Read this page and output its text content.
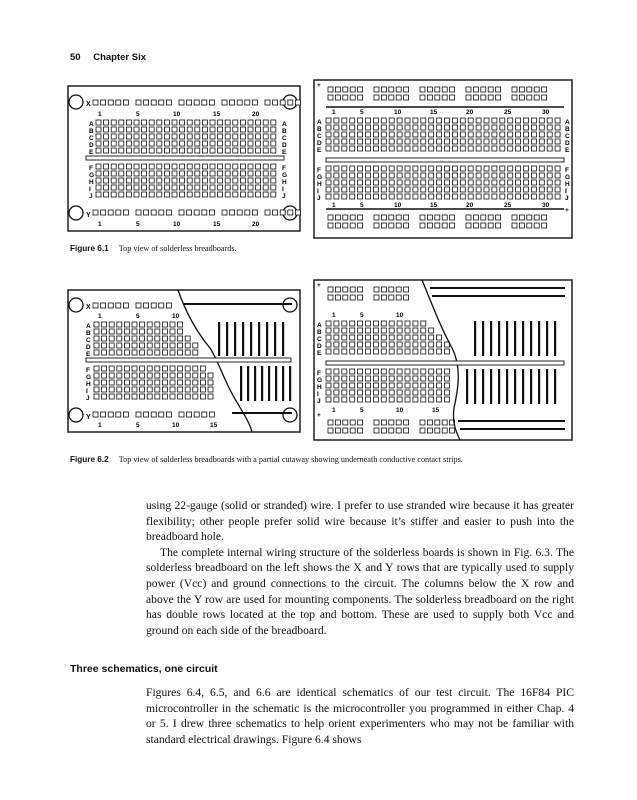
50 Chapter Six
X
Y
1	5	10	15	20
1	5	10	15	20
A
B
C
D
E
A
B
C
D
E
F
G
H
I
J
F
G
H
I
J
+
+
1	5	10	15	20	25	30
1	5	10	15	20	25	30
A
B
C
D
E
A
B
C
D
E
F
G
H
I
J
F
G
H
I
J
Figure 6.1 Top view of solderless breadboards.
X
Y
1	5	10
1	5	10	15
A
B
C
D
E
F
G
H
I
J
+
+
1	5	10
1	5	10	15
A
B
C
D
E
F
G
H
I
J
Figure 6.2 Top view of solderless breadboards with a partial cutaway showing underneath conductive contact strips.

using 22-gauge (solid or stranded) wire. I prefer to use stranded wire because it has greater flexibility; other people prefer solid wire because it’s stiffer and easier to push into the breadboard hole.

The complete internal wiring structure of the solderless boards is shown in Fig. 6.3. The solderless breadboard on the left shows the X and Y rows that are typically used to supply power (Vcc) and ground connections to the circuit. The columns below the X row and above the Y row are used for mounting components. The solderless breadboard on the right has double rows located at the top and bottom. These are used to supply both Vcc and ground on each side of the breadboard.

Three schematics, one circuit

Figures 6.4, 6.5, and 6.6 are identical schematics of our test circuit. The 16F84 PIC microcontroller in the schematic is the microcontroller you programmed in either Chap. 4 or 5. I drew three schematics to help orient experimenters who may not be familiar with standard electrical drawings. Figure 6.4 shows
